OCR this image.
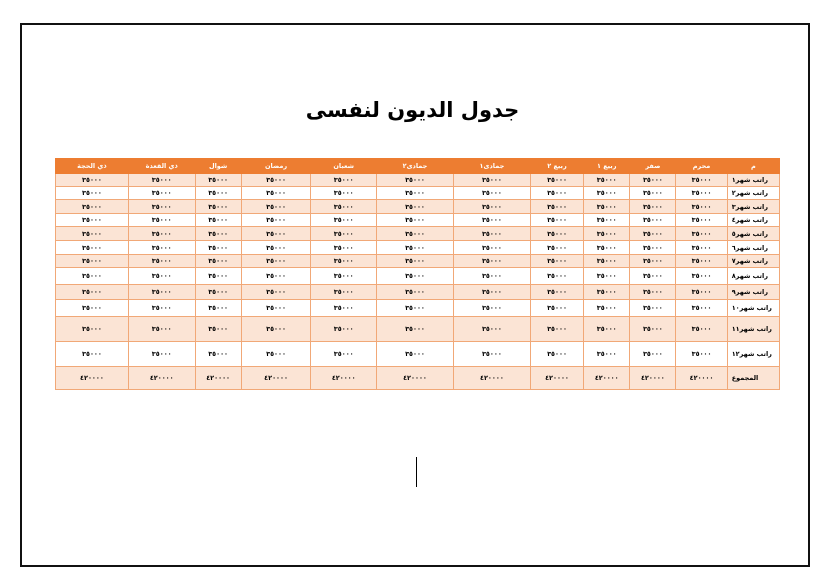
جدول الديون لنفسى
م	محرم	صفر	ربيع ١	ربيع ٢	جمادى١	جمادى٢	شعبان	رمضان	شوال	ذي القعدة	ذي الحجة
راتب شهر١	٣٥٠٠٠	٣٥٠٠٠	٣٥٠٠٠	٣٥٠٠٠	٣٥٠٠٠	٣٥٠٠٠	٣٥٠٠٠	٣٥٠٠٠	٣٥٠٠٠	٣٥٠٠٠	٣٥٠٠٠
راتب شهر٢	٣٥٠٠٠	٣٥٠٠٠	٣٥٠٠٠	٣٥٠٠٠	٣٥٠٠٠	٣٥٠٠٠	٣٥٠٠٠	٣٥٠٠٠	٣٥٠٠٠	٣٥٠٠٠	٣٥٠٠٠
راتب شهر٣	٣٥٠٠٠	٣٥٠٠٠	٣٥٠٠٠	٣٥٠٠٠	٣٥٠٠٠	٣٥٠٠٠	٣٥٠٠٠	٣٥٠٠٠	٣٥٠٠٠	٣٥٠٠٠	٣٥٠٠٠
راتب شهر٤	٣٥٠٠٠	٣٥٠٠٠	٣٥٠٠٠	٣٥٠٠٠	٣٥٠٠٠	٣٥٠٠٠	٣٥٠٠٠	٣٥٠٠٠	٣٥٠٠٠	٣٥٠٠٠	٣٥٠٠٠
راتب شهر٥	٣٥٠٠٠	٣٥٠٠٠	٣٥٠٠٠	٣٥٠٠٠	٣٥٠٠٠	٣٥٠٠٠	٣٥٠٠٠	٣٥٠٠٠	٣٥٠٠٠	٣٥٠٠٠	٣٥٠٠٠
راتب شهر٦	٣٥٠٠٠	٣٥٠٠٠	٣٥٠٠٠	٣٥٠٠٠	٣٥٠٠٠	٣٥٠٠٠	٣٥٠٠٠	٣٥٠٠٠	٣٥٠٠٠	٣٥٠٠٠	٣٥٠٠٠
راتب شهر٧	٣٥٠٠٠	٣٥٠٠٠	٣٥٠٠٠	٣٥٠٠٠	٣٥٠٠٠	٣٥٠٠٠	٣٥٠٠٠	٣٥٠٠٠	٣٥٠٠٠	٣٥٠٠٠	٣٥٠٠٠
راتب شهر٨	٣٥٠٠٠	٣٥٠٠٠	٣٥٠٠٠	٣٥٠٠٠	٣٥٠٠٠	٣٥٠٠٠	٣٥٠٠٠	٣٥٠٠٠	٣٥٠٠٠	٣٥٠٠٠	٣٥٠٠٠
راتب شهر٩	٣٥٠٠٠	٣٥٠٠٠	٣٥٠٠٠	٣٥٠٠٠	٣٥٠٠٠	٣٥٠٠٠	٣٥٠٠٠	٣٥٠٠٠	٣٥٠٠٠	٣٥٠٠٠	٣٥٠٠٠
راتب شهر١٠	٣٥٠٠٠	٣٥٠٠٠	٣٥٠٠٠	٣٥٠٠٠	٣٥٠٠٠	٣٥٠٠٠	٣٥٠٠٠	٣٥٠٠٠	٣٥٠٠٠	٣٥٠٠٠	٣٥٠٠٠
راتب شهر١١	٣٥٠٠٠	٣٥٠٠٠	٣٥٠٠٠	٣٥٠٠٠	٣٥٠٠٠	٣٥٠٠٠	٣٥٠٠٠	٣٥٠٠٠	٣٥٠٠٠	٣٥٠٠٠	٣٥٠٠٠
راتب شهر١٢	٣٥٠٠٠	٣٥٠٠٠	٣٥٠٠٠	٣٥٠٠٠	٣٥٠٠٠	٣٥٠٠٠	٣٥٠٠٠	٣٥٠٠٠	٣٥٠٠٠	٣٥٠٠٠	٣٥٠٠٠
المجموع	٤٢٠٠٠٠	٤٢٠٠٠٠	٤٢٠٠٠٠	٤٢٠٠٠٠	٤٢٠٠٠٠	٤٢٠٠٠٠	٤٢٠٠٠٠	٤٢٠٠٠٠	٤٢٠٠٠٠	٤٢٠٠٠٠	٤٢٠٠٠٠
